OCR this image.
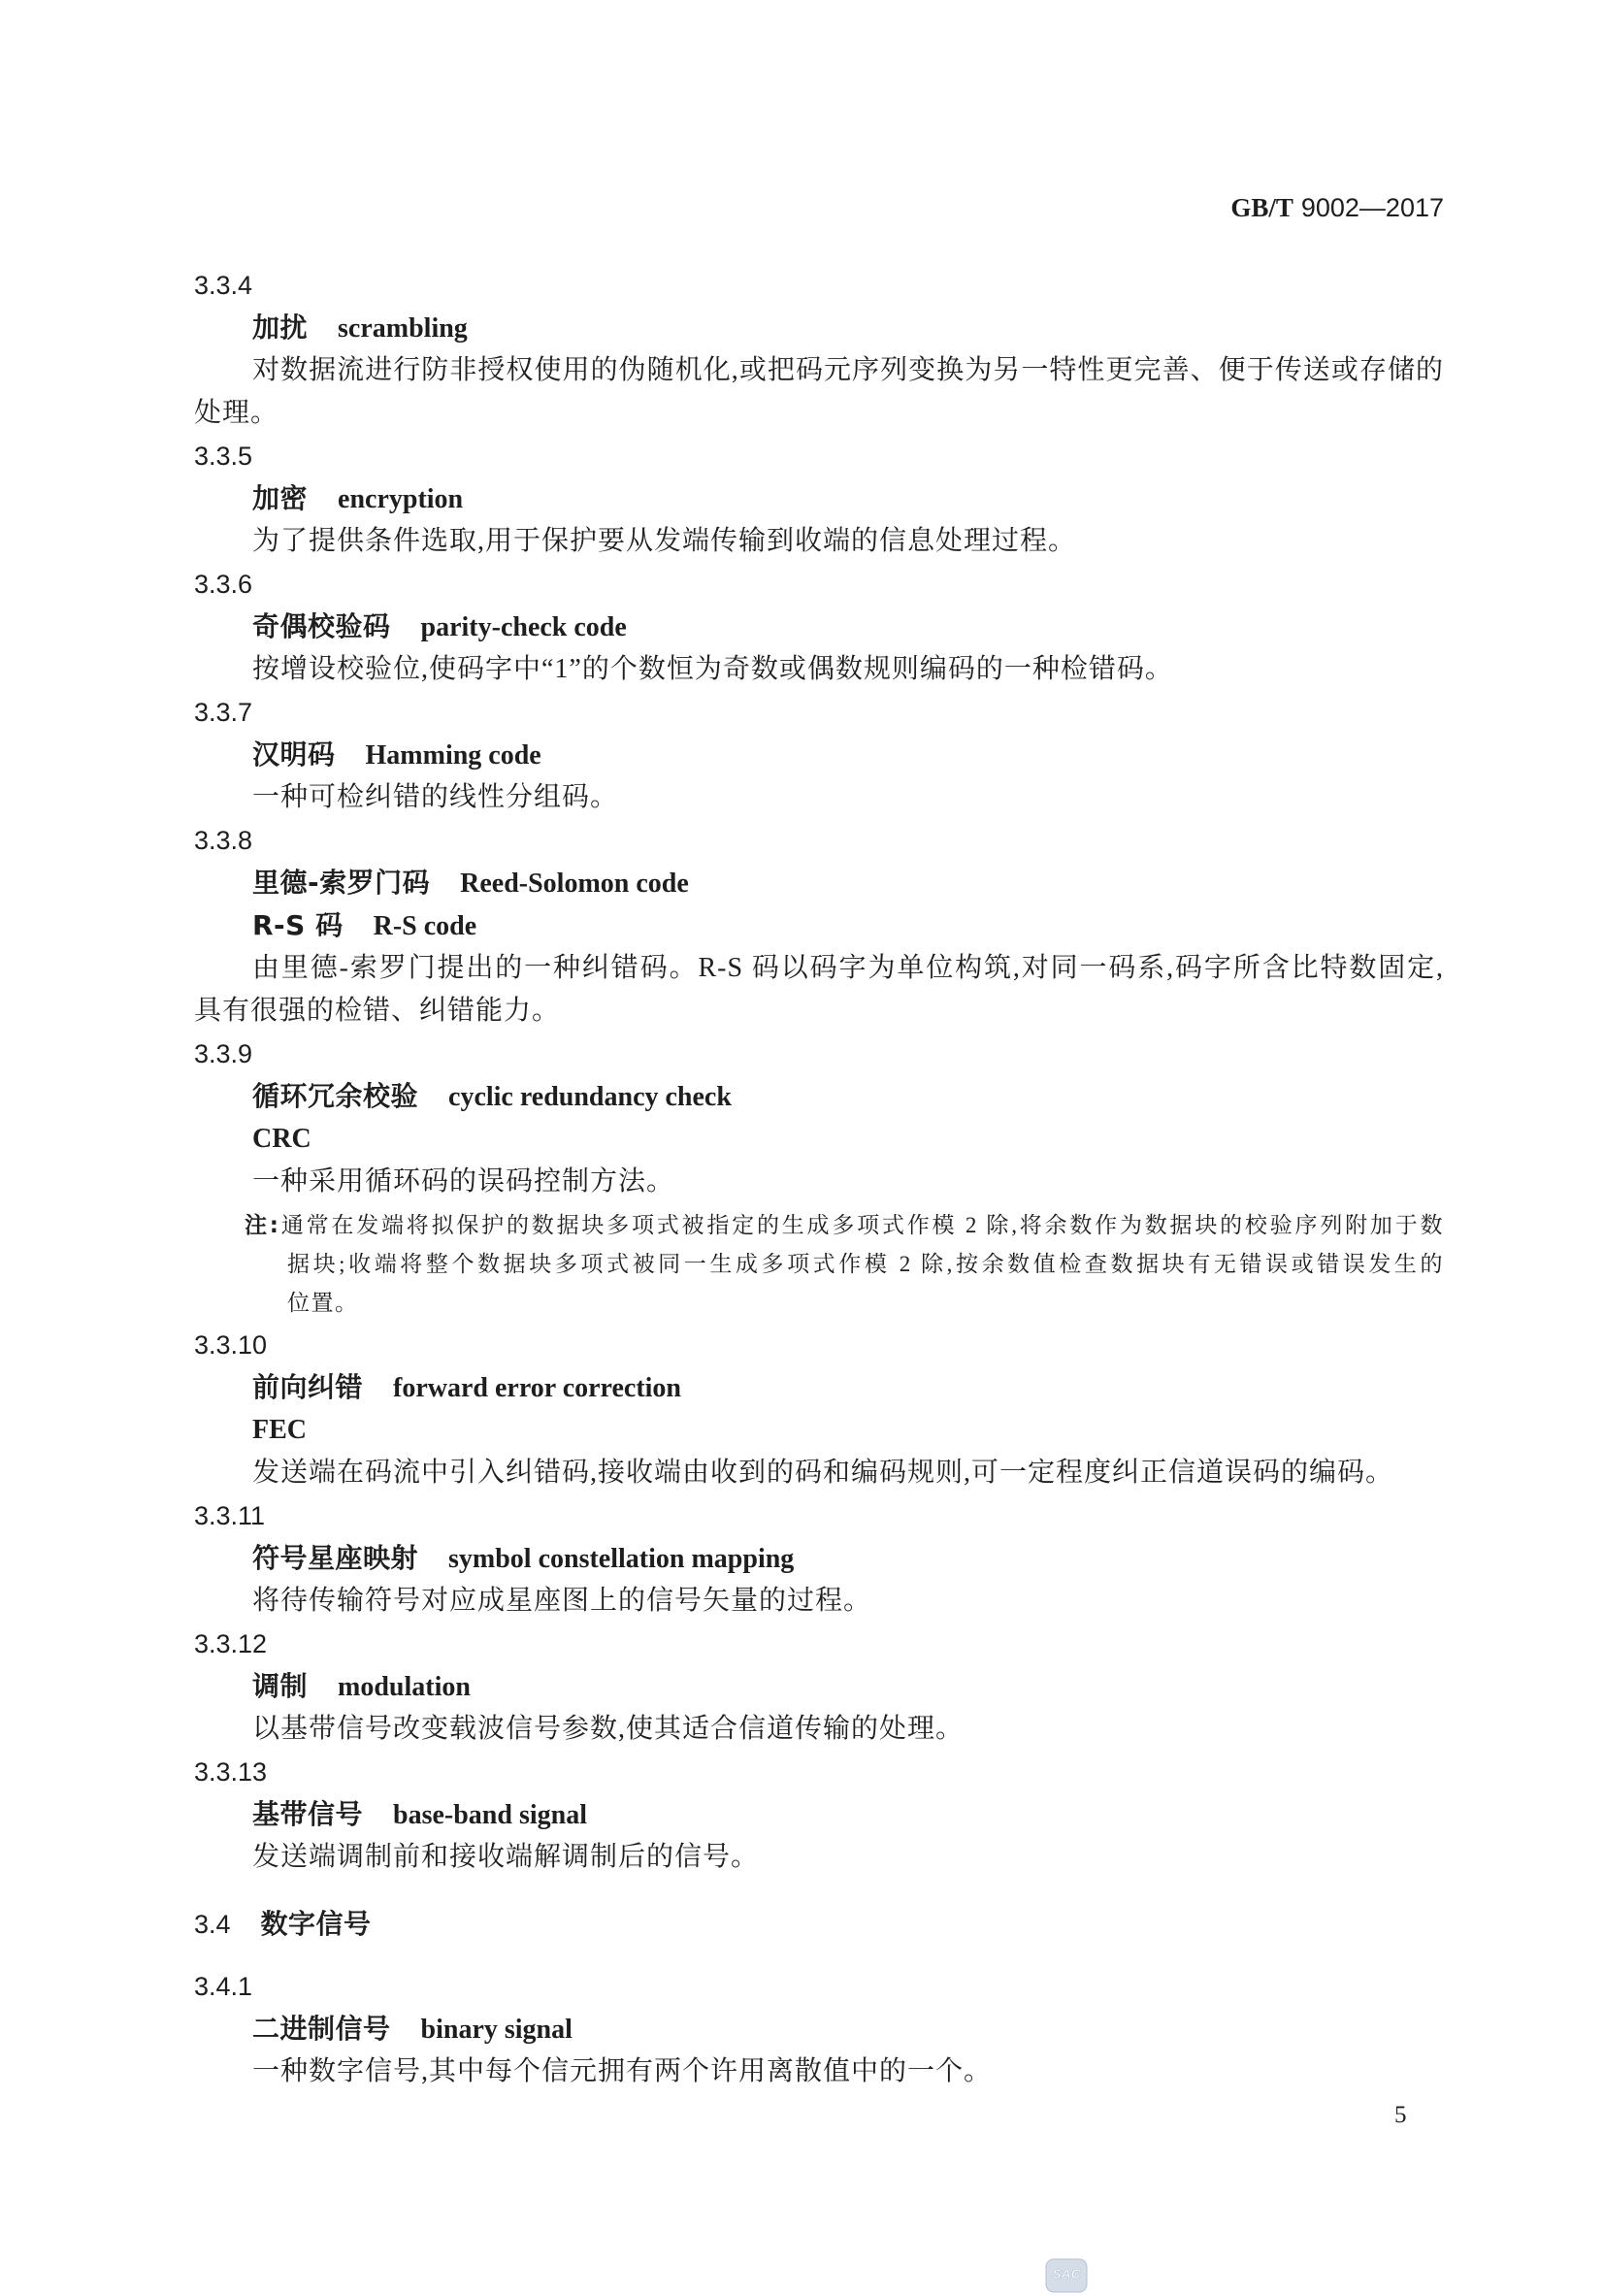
GB/T 9002—2017
3.3.4
加扰 scrambling
对数据流进行防非授权使用的伪随机化,或把码元序列变换为另一特性更完善、便于传送或存储的
处理。
3.3.5
加密 encryption
为了提供条件选取,用于保护要从发端传输到收端的信息处理过程。
3.3.6
奇偶校验码 parity-check code
按增设校验位,使码字中“1”的个数恒为奇数或偶数规则编码的一种检错码。
3.3.7
汉明码 Hamming code
一种可检纠错的线性分组码。
3.3.8
里德-索罗门码 Reed-Solomon code
R-S 码 R-S code
由里德-索罗门提出的一种纠错码。R-S 码以码字为单位构筑,对同一码系,码字所含比特数固定,
具有很强的检错、纠错能力。
3.3.9
循环冗余校验 cyclic redundancy check
CRC
一种采用循环码的误码控制方法。
注:通常在发端将拟保护的数据块多项式被指定的生成多项式作模 2 除,将余数作为数据块的校验序列附加于数
据块;收端将整个数据块多项式被同一生成多项式作模 2 除,按余数值检查数据块有无错误或错误发生的
位置。
3.3.10
前向纠错 forward error correction
FEC
发送端在码流中引入纠错码,接收端由收到的码和编码规则,可一定程度纠正信道误码的编码。
3.3.11
符号星座映射 symbol constellation mapping
将待传输符号对应成星座图上的信号矢量的过程。
3.3.12
调制 modulation
以基带信号改变载波信号参数,使其适合信道传输的处理。
3.3.13
基带信号 base-band signal
发送端调制前和接收端解调制后的信号。
3.4 数字信号
3.4.1
二进制信号 binary signal
一种数字信号,其中每个信元拥有两个许用离散值中的一个。
5
SAC
